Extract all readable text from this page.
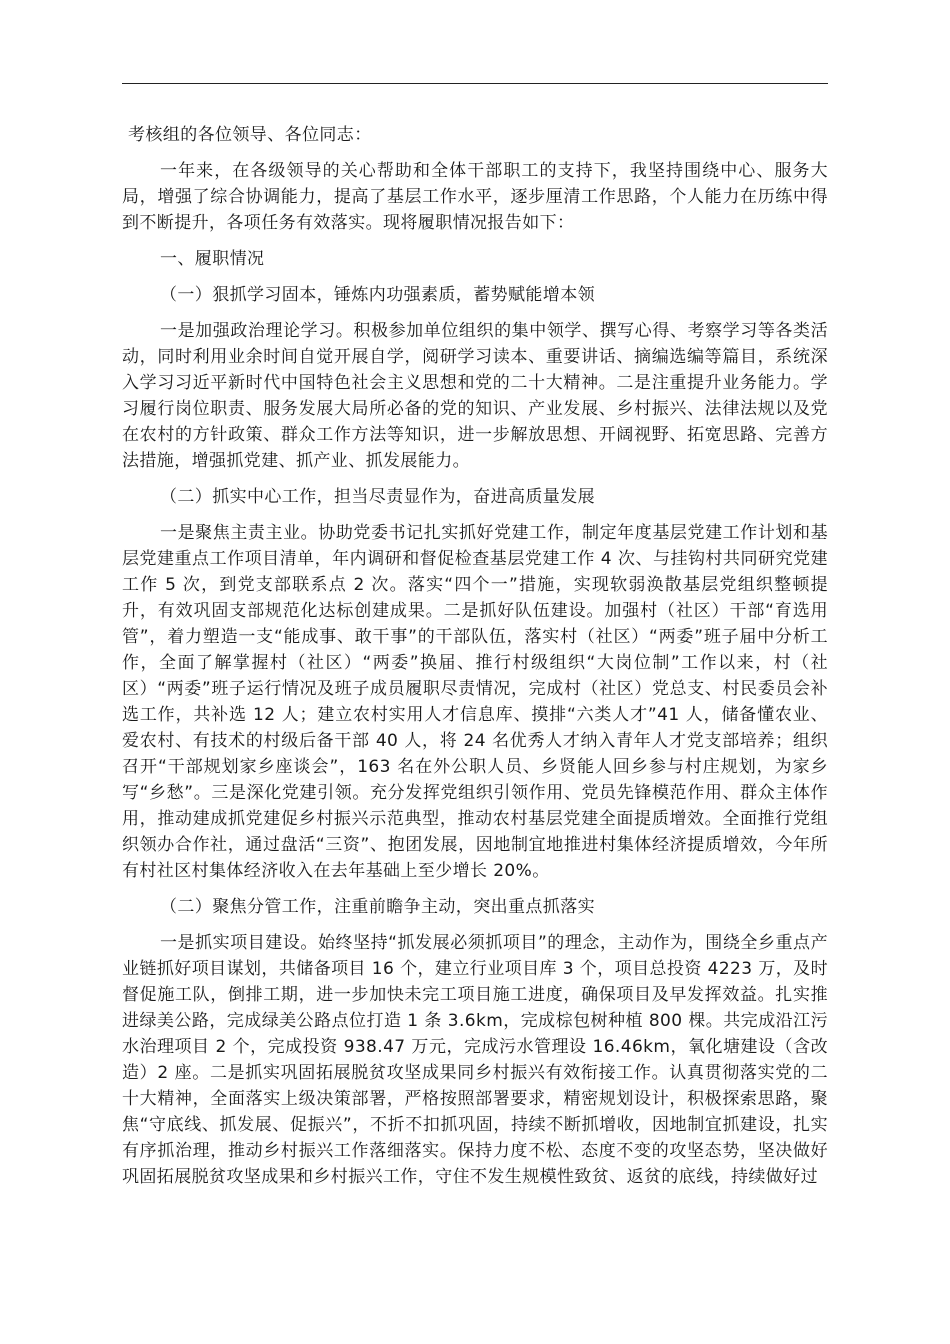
考核组的各位领导、各位同志：

一年来，在各级领导的关心帮助和全体干部职工的支持下，我坚持围绕中心、服务大局，增强了综合协调能力，提高了基层工作水平，逐步厘清工作思路，个人能力在历练中得到不断提升，各项任务有效落实。现将履职情况报告如下：

一、履职情况

（一）狠抓学习固本，锤炼内功强素质，蓄势赋能增本领

一是加强政治理论学习。积极参加单位组织的集中领学、撰写心得、考察学习等各类活动，同时利用业余时间自觉开展自学，阅研学习读本、重要讲话、摘编选编等篇目，系统深入学习习近平新时代中国特色社会主义思想和党的二十大精神。二是注重提升业务能力。学习履行岗位职责、服务发展大局所必备的党的知识、产业发展、乡村振兴、法律法规以及党在农村的方针政策、群众工作方法等知识，进一步解放思想、开阔视野、拓宽思路、完善方法措施，增强抓党建、抓产业、抓发展能力。

（二）抓实中心工作，担当尽责显作为，奋进高质量发展

一是聚焦主责主业。协助党委书记扎实抓好党建工作，制定年度基层党建工作计划和基层党建重点工作项目清单，年内调研和督促检查基层党建工作 4 次、与挂钩村共同研究党建工作 5 次，到党支部联系点 2 次。落实“四个一”措施，实现软弱涣散基层党组织整顿提升，有效巩固支部规范化达标创建成果。二是抓好队伍建设。加强村（社区）干部“育选用管”，着力塑造一支“能成事、敢干事”的干部队伍，落实村（社区）“两委”班子届中分析工作，全面了解掌握村（社区）“两委”换届、推行村级组织“大岗位制”工作以来，村（社区）“两委”班子运行情况及班子成员履职尽责情况，完成村（社区）党总支、村民委员会补选工作，共补选 12 人；建立农村实用人才信息库、摸排“六类人才”41 人，储备懂农业、爱农村、有技术的村级后备干部 40 人，将 24 名优秀人才纳入青年人才党支部培养；组织召开“干部规划家乡座谈会”，163 名在外公职人员、乡贤能人回乡参与村庄规划，为家乡写“乡愁”。三是深化党建引领。充分发挥党组织引领作用、党员先锋模范作用、群众主体作用，推动建成抓党建促乡村振兴示范典型，推动农村基层党建全面提质增效。全面推行党组织领办合作社，通过盘活“三资”、抱团发展，因地制宜地推进村集体经济提质增效，今年所有村社区村集体经济收入在去年基础上至少增长 20%。

（二）聚焦分管工作，注重前瞻争主动，突出重点抓落实

一是抓实项目建设。始终坚持“抓发展必须抓项目”的理念，主动作为，围绕全乡重点产业链抓好项目谋划，共储备项目 16 个，建立行业项目库 3 个，项目总投资 4223 万，及时督促施工队，倒排工期，进一步加快未完工项目施工进度，确保项目及早发挥效益。扎实推进绿美公路，完成绿美公路点位打造 1 条 3.6km，完成棕包树种植 800 棵。共完成沿江污水治理项目 2 个，完成投资 938.47 万元，完成污水管理设 16.46km，氧化塘建设（含改造）2 座。二是抓实巩固拓展脱贫攻坚成果同乡村振兴有效衔接工作。认真贯彻落实党的二十大精神，全面落实上级决策部署，严格按照部署要求，精密规划设计，积极探索思路，聚焦“守底线、抓发展、促振兴”，不折不扣抓巩固，持续不断抓增收，因地制宜抓建设，扎实有序抓治理，推动乡村振兴工作落细落实。保持力度不松、态度不变的攻坚态势，坚决做好巩固拓展脱贫攻坚成果和乡村振兴工作，守住不发生规模性致贫、返贫的底线，持续做好过
